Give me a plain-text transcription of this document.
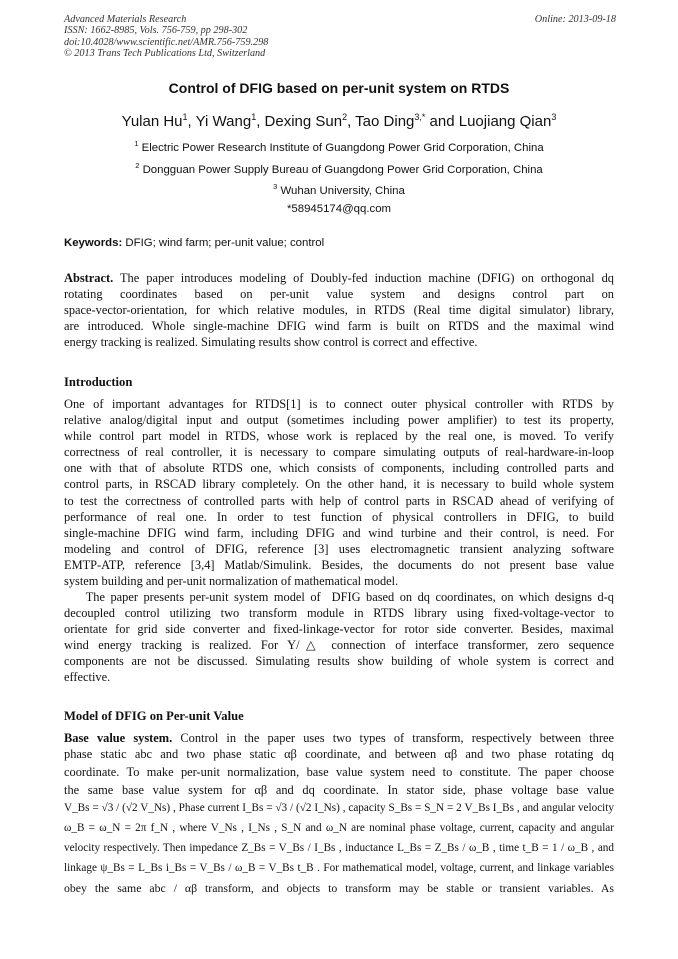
Advanced Materials Research
ISSN: 1662-8985, Vols. 756-759, pp 298-302
doi:10.4028/www.scientific.net/AMR.756-759.298
© 2013 Trans Tech Publications Ltd, Switzerland
Online: 2013-09-18
Control of DFIG based on per-unit system on RTDS
Yulan Hu$^1$, Yi Wang$^1$, Dexing Sun$^2$, Tao Ding$^{3,*}$ and Luojiang Qian$^3$
$^1$ Electric Power Research Institute of Guangdong Power Grid Corporation, China
$^2$ Dongguan Power Supply Bureau of Guangdong Power Grid Corporation, China
$^3$ Wuhan University, China
*58945174@qq.com
Keywords: DFIG; wind farm; per-unit value; control
Abstract. The paper introduces modeling of Doubly-fed induction machine (DFIG) on orthogonal dq
rotating coordinates based on per-unit value system and designs control part on
space-vector-orientation, for which relative modules, in RTDS (Real time digital simulator) library,
are introduced. Whole single-machine DFIG wind farm is built on RTDS and the maximal wind
energy tracking is realized. Simulating results show control is correct and effective.
Introduction
One of important advantages for RTDS[1] is to connect outer physical controller with RTDS by
relative analog/digital input and output (sometimes including power amplifier) to test its property,
while control part model in RTDS, whose work is replaced by the real one, is moved. To verify
correctness of real controller, it is necessary to compare simulating outputs of real-hardware-in-loop
one with that of absolute RTDS one, which consists of components, including controlled parts and
control parts, in RSCAD library completely. On the other hand, it is necessary to build whole system
to test the correctness of controlled parts with help of control parts in RSCAD ahead of verifying of
performance of real one. In order to test function of physical controllers in DFIG, to build
single-machine DFIG wind farm, including DFIG and wind turbine and their control, is need. For
modeling and control of DFIG, reference [3] uses electromagnetic transient analyzing software
EMTP-ATP, reference [3,4] Matlab/Simulink. Besides, the documents do not present base value
system building and per-unit normalization of mathematical model.
The paper presents per-unit system model of  DFIG based on dq coordinates, on which designs d-q
decoupled control utilizing two transform module in RTDS library using fixed-voltage-vector to
orientate for grid side converter and fixed-linkage-vector for rotor side converter. Besides, maximal
wind energy tracking is realized. For Y/△ connection of interface transformer, zero sequence
components are not be discussed. Simulating results show building of whole system is correct and
effective.
Model of DFIG on Per-unit Value
Base value system. Control in the paper uses two types of transform, respectively between three
phase static abc and two phase static αβ coordinate, and between αβ and two phase rotating dq
coordinate. To make per-unit normalization, base value system need to constitute. The paper choose
the same base value system for αβ and dq coordinate. In stator side, phase voltage base value
V_Bs = √3 / (√2 V_Ns) , Phase current I_Bs = √3 / (√2 I_Ns) , capacity S_Bs = S_N = 2 V_Bs I_Bs , and angular velocity
ω_B = ω_N = 2π f_N , where V_Ns , I_Ns , S_N and ω_N are nominal phase voltage, current, capacity and angular
velocity respectively. Then impedance Z_Bs = V_Bs / I_Bs , inductance L_Bs = Z_Bs / ω_B , time t_B = 1 / ω_B , and
linkage ψ_Bs = L_Bs i_Bs = V_Bs / ω_B = V_Bs t_B . For mathematical model, voltage, current, and linkage variables
obey the same abc / αβ transform, and objects to transform may be stable or transient variables. As
